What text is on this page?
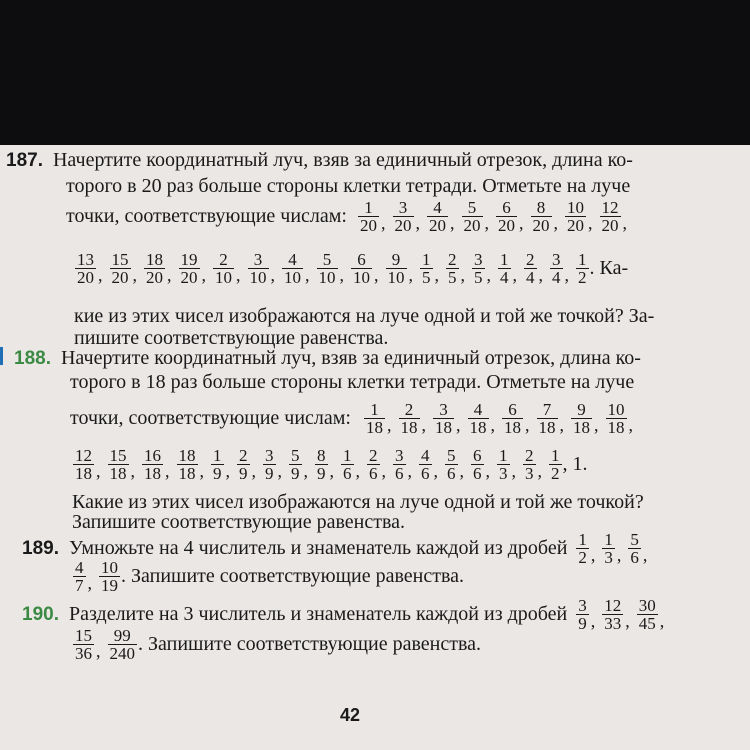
187. Начертите координатный луч, взяв за единичный отрезок, длина ко-
торого в 20 раз больше стороны клетки тетради. Отметьте на луче
точки, соответствующие числам: $\frac{1}{20}$ , $\frac{3}{20}$ , $\frac{4}{20}$ , $\frac{5}{20}$ , $\frac{6}{20}$ , $\frac{8}{20}$ , $\frac{10}{20}$ , $\frac{12}{20}$ ,
$\frac{13}{20}$ , $\frac{15}{20}$ , $\frac{18}{20}$ , $\frac{19}{20}$ , $\frac{2}{10}$ , $\frac{3}{10}$ , $\frac{4}{10}$ , $\frac{5}{10}$ , $\frac{6}{10}$ , $\frac{9}{10}$ , $\frac{1}{5}$ , $\frac{2}{5}$ , $\frac{3}{5}$ , $\frac{1}{4}$ , $\frac{2}{4}$ , $\frac{3}{4}$ , $\frac{1}{2}$ . Ка-
кие из этих чисел изображаются на луче одной и той же точкой? За-
пишите соответствующие равенства.
188. Начертите координатный луч, взяв за единичный отрезок, длина ко-
торого в 18 раз больше стороны клетки тетради. Отметьте на луче
точки, соответствующие числам: $\frac{1}{18}$ , $\frac{2}{18}$ , $\frac{3}{18}$ , $\frac{4}{18}$ , $\frac{6}{18}$ , $\frac{7}{18}$ , $\frac{9}{18}$ , $\frac{10}{18}$ ,
$\frac{12}{18}$ , $\frac{15}{18}$ , $\frac{16}{18}$ , $\frac{18}{18}$ , $\frac{1}{9}$ , $\frac{2}{9}$ , $\frac{3}{9}$ , $\frac{5}{9}$ , $\frac{8}{9}$ , $\frac{1}{6}$ , $\frac{2}{6}$ , $\frac{3}{6}$ , $\frac{4}{6}$ , $\frac{5}{6}$ , $\frac{6}{6}$ , $\frac{1}{3}$ , $\frac{2}{3}$ , $\frac{1}{2}$ , 1.
Какие из этих чисел изображаются на луче одной и той же точкой?
Запишите соответствующие равенства.
189. Умножьте на 4 числитель и знаменатель каждой из дробей $\frac{1}{2}$ , $\frac{1}{3}$ , $\frac{5}{6}$ ,
$\frac{4}{7}$ , $\frac{10}{19}$ . Запишите соответствующие равенства.
190. Разделите на 3 числитель и знаменатель каждой из дробей $\frac{3}{9}$ , $\frac{12}{33}$ , $\frac{30}{45}$ ,
$\frac{15}{36}$ , $\frac{99}{240}$ . Запишите соответствующие равенства.
42
